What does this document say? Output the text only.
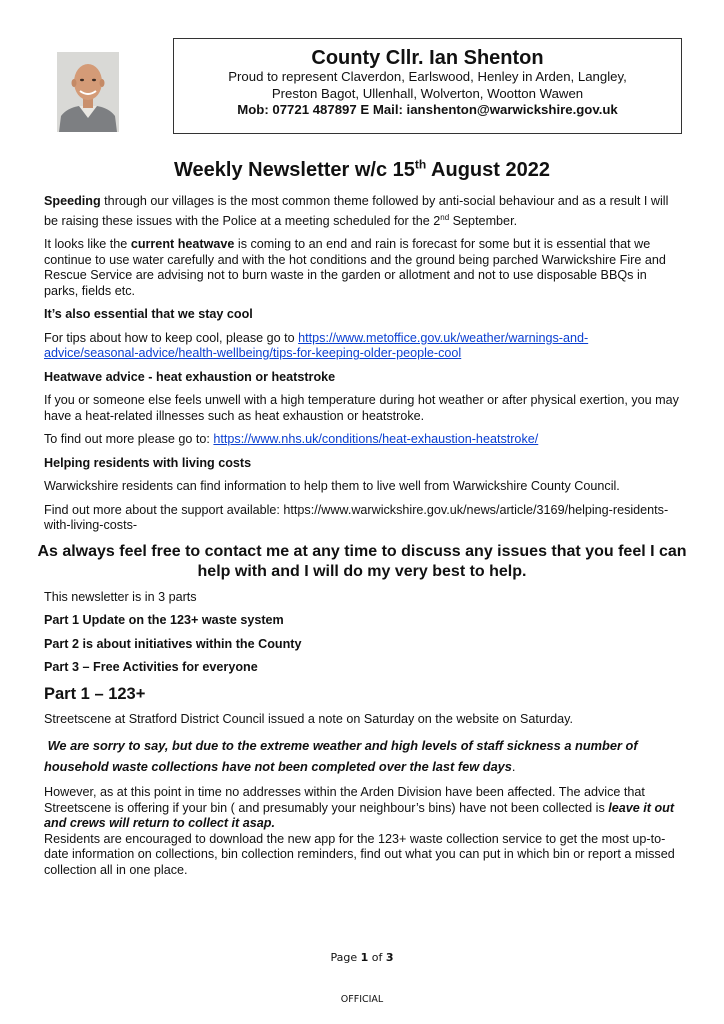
County Cllr. Ian Shenton
Proud to represent Claverdon, Earlswood, Henley in Arden, Langley,
Preston Bagot, Ullenhall, Wolverton, Wootton Wawen
Mob: 07721 487897 E Mail: ianshenton@warwickshire.gov.uk
Weekly Newsletter w/c 15th August 2022

Speeding through our villages is the most common theme followed by anti-social behaviour and as a result I will be raising these issues with the Police at a meeting scheduled for the 2nd September.

It looks like the current heatwave is coming to an end and rain is forecast for some but it is essential that we continue to use water carefully and with the hot conditions and the ground being parched Warwickshire Fire and Rescue Service are advising not to burn waste in the garden or allotment and not to use disposable BBQs in parks, fields etc.

It’s also essential that we stay cool

For tips about how to keep cool, please go to https://www.metoffice.gov.uk/weather/warnings-and-advice/seasonal-advice/health-wellbeing/tips-for-keeping-older-people-cool

Heatwave advice - heat exhaustion or heatstroke

If you or someone else feels unwell with a high temperature during hot weather or after physical exertion, you may have a heat-related illnesses such as heat exhaustion or heatstroke.

To find out more please go to: https://www.nhs.uk/conditions/heat-exhaustion-heatstroke/

Helping residents with living costs

Warwickshire residents can find information to help them to live well from Warwickshire County Council.

Find out more about the support available: https://www.warwickshire.gov.uk/news/article/3169/helping-residents-with-living-costs-

As always feel free to contact me at any time to discuss any issues that you feel I can help with and I will do my very best to help.

This newsletter is in 3 parts

Part 1 Update on the 123+ waste system

Part 2 is about initiatives within the County

Part 3 – Free Activities for everyone

Part 1 – 123+

Streetscene at Stratford District Council issued a note on Saturday on the website on Saturday.

We are sorry to say, but due to the extreme weather and high levels of staff sickness a number of household waste collections have not been completed over the last few days.

However, as at this point in time no addresses within the Arden Division have been affected. The advice that Streetscene is offering if your bin ( and presumably your neighbour’s bins) have not been collected is leave it out and crews will return to collect it asap.
Residents are encouraged to download the new app for the 123+ waste collection service to get the most up-to-date information on collections, bin collection reminders, find out what you can put in which bin or report a missed collection all in one place.
Page 1 of 3
OFFICIAL
